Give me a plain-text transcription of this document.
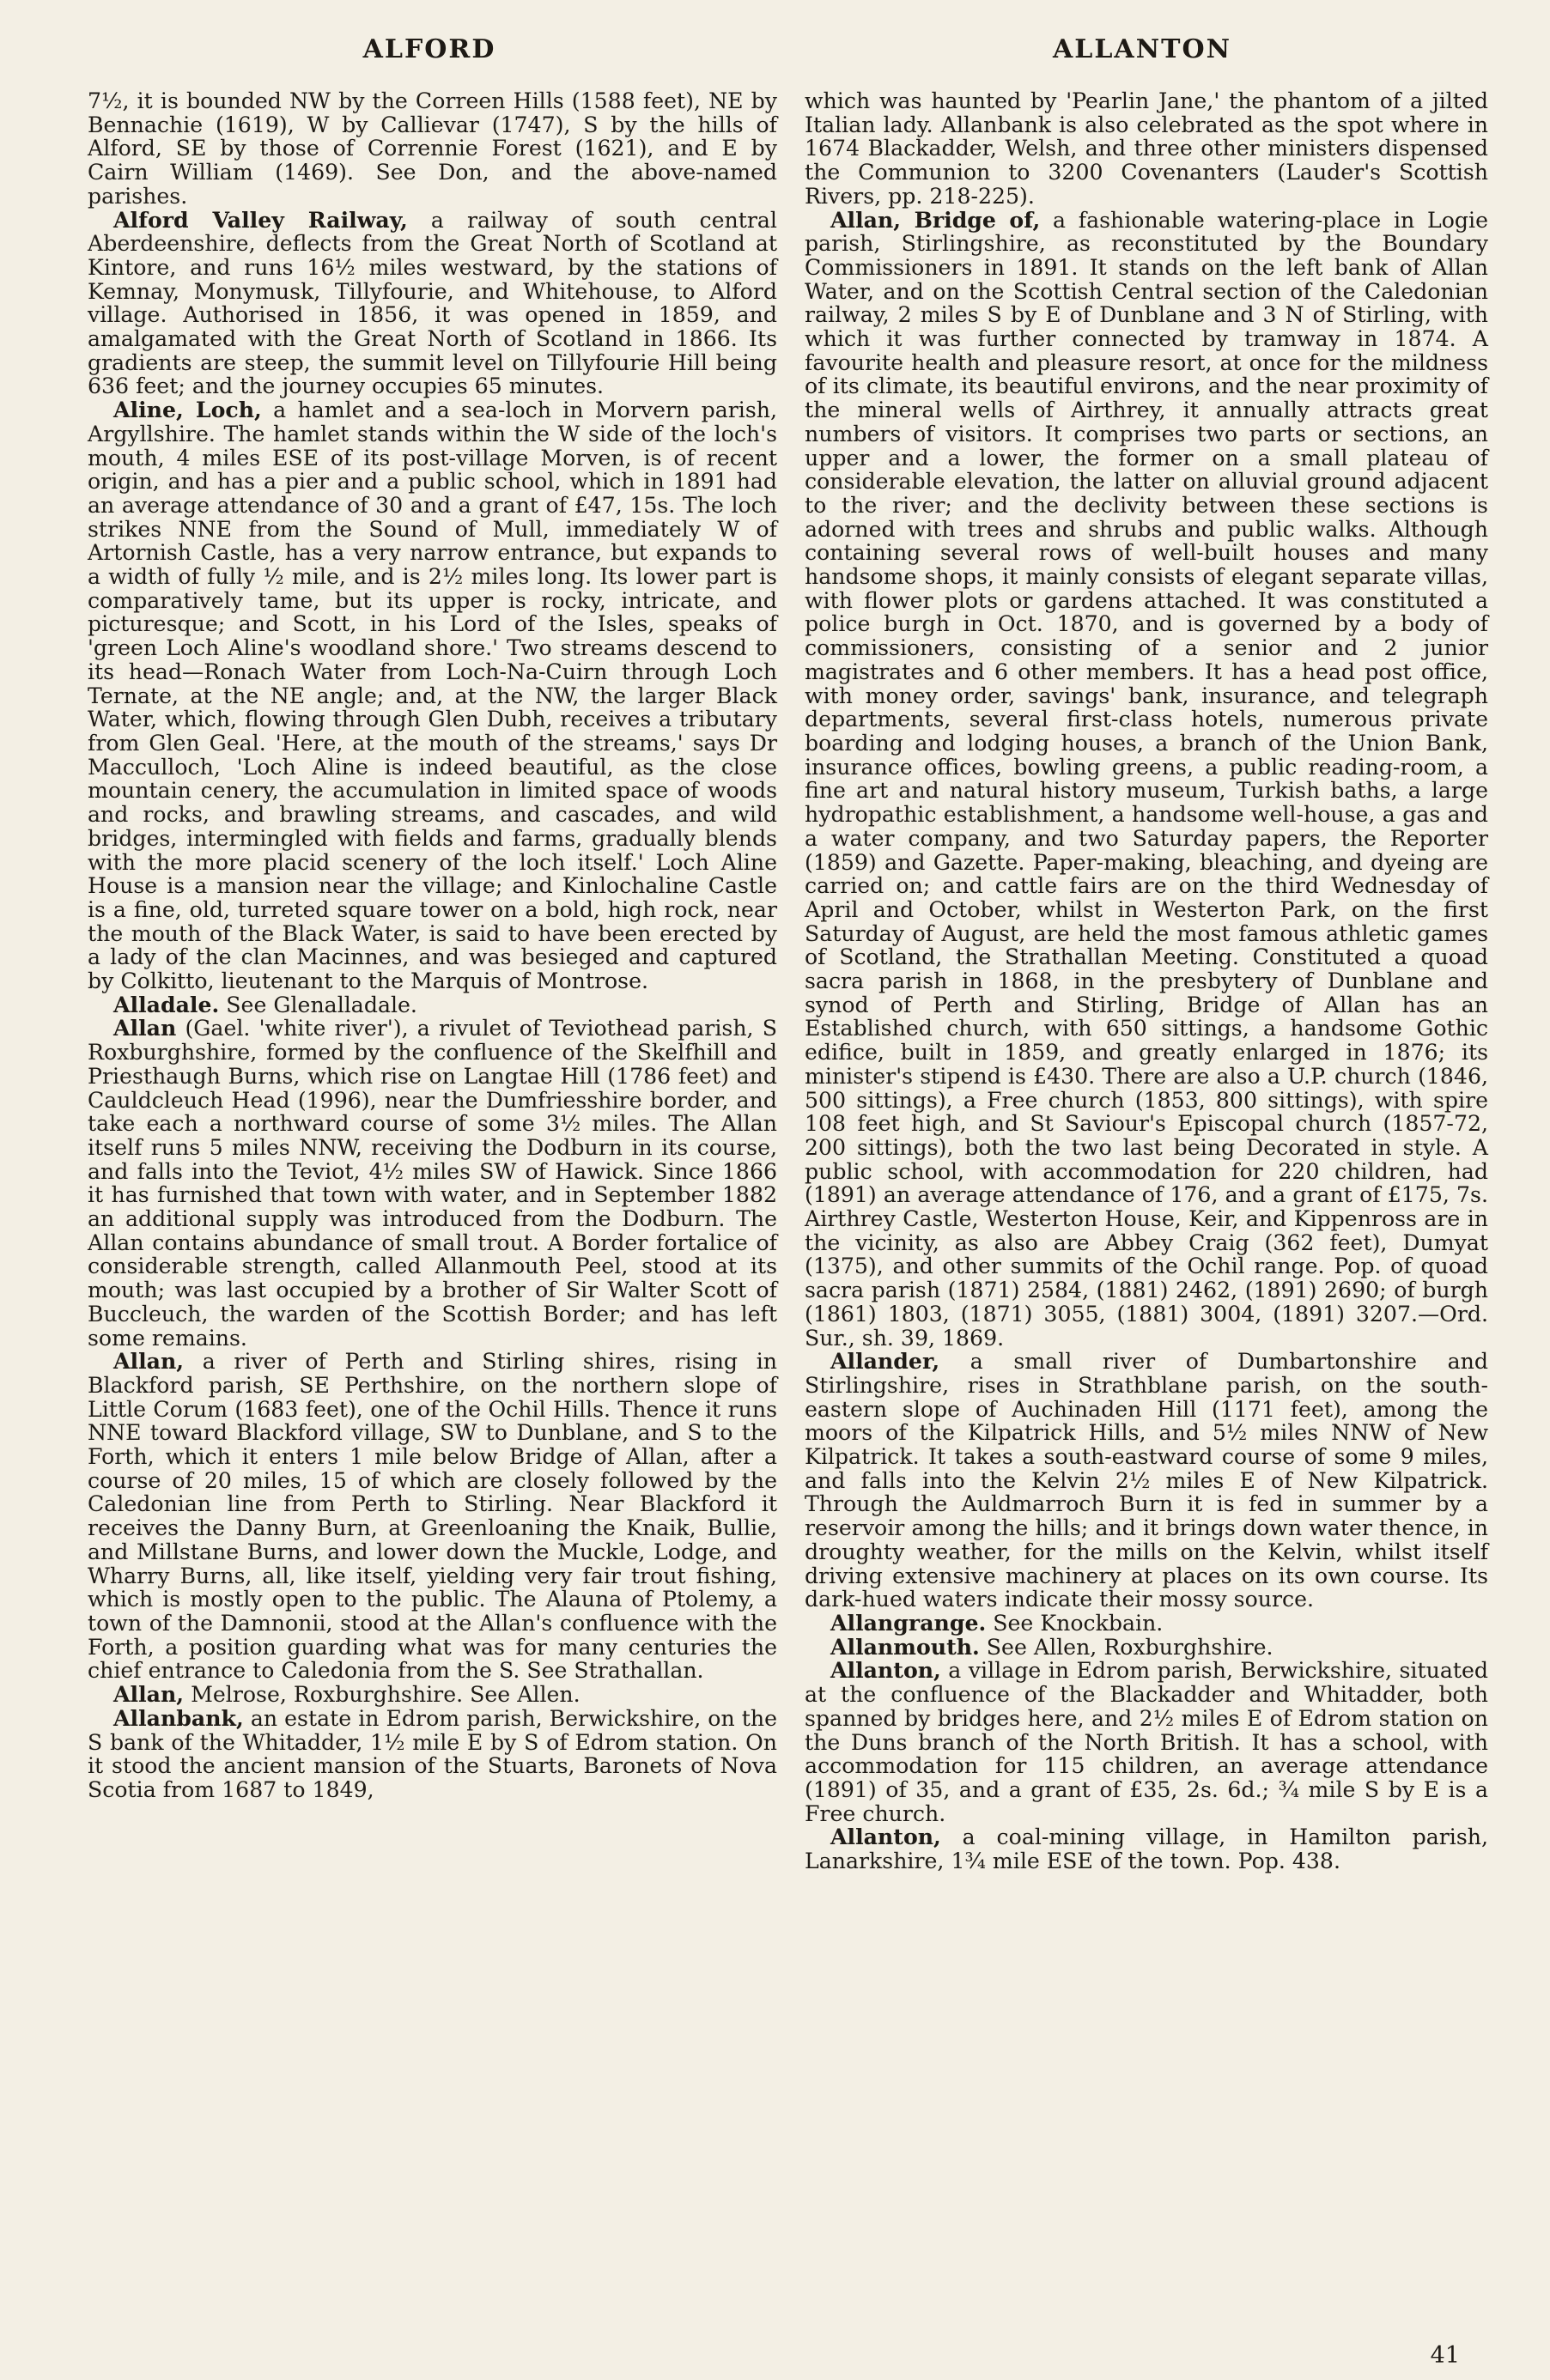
ALFORD	ALLANTON

7½, it is bounded NW by the Correen Hills (1588 feet), NE by Bennachie (1619), W by Callievar (1747), S by the hills of Alford, SE by those of Corrennie Forest (1621), and E by Cairn William (1469). See Don, and the above-named parishes.

Alford Valley Railway, a railway of south central Aberdeenshire, deflects from the Great North of Scotland at Kintore, and runs 16½ miles westward, by the stations of Kemnay, Monymusk, Tillyfourie, and Whitehouse, to Alford village. Authorised in 1856, it was opened in 1859, and amalgamated with the Great North of Scotland in 1866. Its gradients are steep, the summit level on Tillyfourie Hill being 636 feet; and the journey occupies 65 minutes.

Aline, Loch, a hamlet and a sea-loch in Morvern parish, Argyllshire. The hamlet stands within the W side of the loch's mouth, 4 miles ESE of its post-village Morven, is of recent origin, and has a pier and a public school, which in 1891 had an average attendance of 30 and a grant of £47, 15s. The loch strikes NNE from the Sound of Mull, immediately W of Artornish Castle, has a very narrow entrance, but expands to a width of fully ½ mile, and is 2½ miles long. Its lower part is comparatively tame, but its upper is rocky, intricate, and picturesque; and Scott, in his Lord of the Isles, speaks of 'green Loch Aline's woodland shore.' Two streams descend to its head—Ronach Water from Loch-Na-Cuirn through Loch Ternate, at the NE angle; and, at the NW, the larger Black Water, which, flowing through Glen Dubh, receives a tributary from Glen Geal. 'Here, at the mouth of the streams,' says Dr Macculloch, 'Loch Aline is indeed beautiful, as the close mountain cenery, the accumulation in limited space of woods and rocks, and brawling streams, and cascades, and wild bridges, intermingled with fields and farms, gradually blends with the more placid scenery of the loch itself.' Loch Aline House is a mansion near the village; and Kinlochaline Castle is a fine, old, turreted square tower on a bold, high rock, near the mouth of the Black Water, is said to have been erected by a lady of the clan Macinnes, and was besieged and captured by Colkitto, lieutenant to the Marquis of Montrose.

Alladale. See Glenalladale.

Allan (Gael. 'white river'), a rivulet of Teviothead parish, S Roxburghshire, formed by the confluence of the Skelfhill and Priesthaugh Burns, which rise on Langtae Hill (1786 feet) and Cauldcleuch Head (1996), near the Dumfriesshire border, and take each a northward course of some 3½ miles. The Allan itself runs 5 miles NNW, receiving the Dodburn in its course, and falls into the Teviot, 4½ miles SW of Hawick. Since 1866 it has furnished that town with water, and in September 1882 an additional supply was introduced from the Dodburn. The Allan contains abundance of small trout. A Border fortalice of considerable strength, called Allanmouth Peel, stood at its mouth; was last occupied by a brother of Sir Walter Scott of Buccleuch, the warden of the Scottish Border; and has left some remains.

Allan, a river of Perth and Stirling shires, rising in Blackford parish, SE Perthshire, on the northern slope of Little Corum (1683 feet), one of the Ochil Hills. Thence it runs NNE toward Blackford village, SW to Dunblane, and S to the Forth, which it enters 1 mile below Bridge of Allan, after a course of 20 miles, 15 of which are closely followed by the Caledonian line from Perth to Stirling. Near Blackford it receives the Danny Burn, at Greenloaning the Knaik, Bullie, and Millstane Burns, and lower down the Muckle, Lodge, and Wharry Burns, all, like itself, yielding very fair trout fishing, which is mostly open to the public. The Alauna of Ptolemy, a town of the Damnonii, stood at the Allan's confluence with the Forth, a position guarding what was for many centuries the chief entrance to Caledonia from the S. See Strathallan.

Allan, Melrose, Roxburghshire. See Allen.

Allanbank, an estate in Edrom parish, Berwickshire, on the S bank of the Whitadder, 1½ mile E by S of Edrom station. On it stood the ancient mansion of the Stuarts, Baronets of Nova Scotia from 1687 to 1849,

which was haunted by 'Pearlin Jane,' the phantom of a jilted Italian lady. Allanbank is also celebrated as the spot where in 1674 Blackadder, Welsh, and three other ministers dispensed the Communion to 3200 Covenanters (Lauder's Scottish Rivers, pp. 218-225).

Allan, Bridge of, a fashionable watering-place in Logie parish, Stirlingshire, as reconstituted by the Boundary Commissioners in 1891. It stands on the left bank of Allan Water, and on the Scottish Central section of the Caledonian railway, 2 miles S by E of Dunblane and 3 N of Stirling, with which it was further connected by tramway in 1874. A favourite health and pleasure resort, at once for the mildness of its climate, its beautiful environs, and the near proximity of the mineral wells of Airthrey, it annually attracts great numbers of visitors. It comprises two parts or sections, an upper and a lower, the former on a small plateau of considerable elevation, the latter on alluvial ground adjacent to the river; and the declivity between these sections is adorned with trees and shrubs and public walks. Although containing several rows of well-built houses and many handsome shops, it mainly consists of elegant separate villas, with flower plots or gardens attached. It was constituted a police burgh in Oct. 1870, and is governed by a body of commissioners, consisting of a senior and 2 junior magistrates and 6 other members. It has a head post office, with money order, savings' bank, insurance, and telegraph departments, several first-class hotels, numerous private boarding and lodging houses, a branch of the Union Bank, insurance offices, bowling greens, a public reading-room, a fine art and natural history museum, Turkish baths, a large hydropathic establishment, a handsome well-house, a gas and a water company, and two Saturday papers, the Reporter (1859) and Gazette. Paper-making, bleaching, and dyeing are carried on; and cattle fairs are on the third Wednesday of April and October, whilst in Westerton Park, on the first Saturday of August, are held the most famous athletic games of Scotland, the Strathallan Meeting. Constituted a quoad sacra parish in 1868, in the presbytery of Dunblane and synod of Perth and Stirling, Bridge of Allan has an Established church, with 650 sittings, a handsome Gothic edifice, built in 1859, and greatly enlarged in 1876; its minister's stipend is £430. There are also a U.P. church (1846, 500 sittings), a Free church (1853, 800 sittings), with spire 108 feet high, and St Saviour's Episcopal church (1857-72, 200 sittings), both the two last being Decorated in style. A public school, with accommodation for 220 children, had (1891) an average attendance of 176, and a grant of £175, 7s. Airthrey Castle, Westerton House, Keir, and Kippenross are in the vicinity, as also are Abbey Craig (362 feet), Dumyat (1375), and other summits of the Ochil range. Pop. of quoad sacra parish (1871) 2584, (1881) 2462, (1891) 2690; of burgh (1861) 1803, (1871) 3055, (1881) 3004, (1891) 3207.—Ord. Sur., sh. 39, 1869.

Allander, a small river of Dumbartonshire and Stirlingshire, rises in Strathblane parish, on the south-eastern slope of Auchinaden Hill (1171 feet), among the moors of the Kilpatrick Hills, and 5½ miles NNW of New Kilpatrick. It takes a south-eastward course of some 9 miles, and falls into the Kelvin 2½ miles E of New Kilpatrick. Through the Auldmarroch Burn it is fed in summer by a reservoir among the hills; and it brings down water thence, in droughty weather, for the mills on the Kelvin, whilst itself driving extensive machinery at places on its own course. Its dark-hued waters indicate their mossy source.

Allangrange. See Knockbain.

Allanmouth. See Allen, Roxburghshire.

Allanton, a village in Edrom parish, Berwickshire, situated at the confluence of the Blackadder and Whitadder, both spanned by bridges here, and 2½ miles E of Edrom station on the Duns branch of the North British. It has a school, with accommodation for 115 children, an average attendance (1891) of 35, and a grant of £35, 2s. 6d.; ¾ mile S by E is a Free church.

Allanton, a coal-mining village, in Hamilton parish, Lanarkshire, 1¾ mile ESE of the town. Pop. 438.

41
